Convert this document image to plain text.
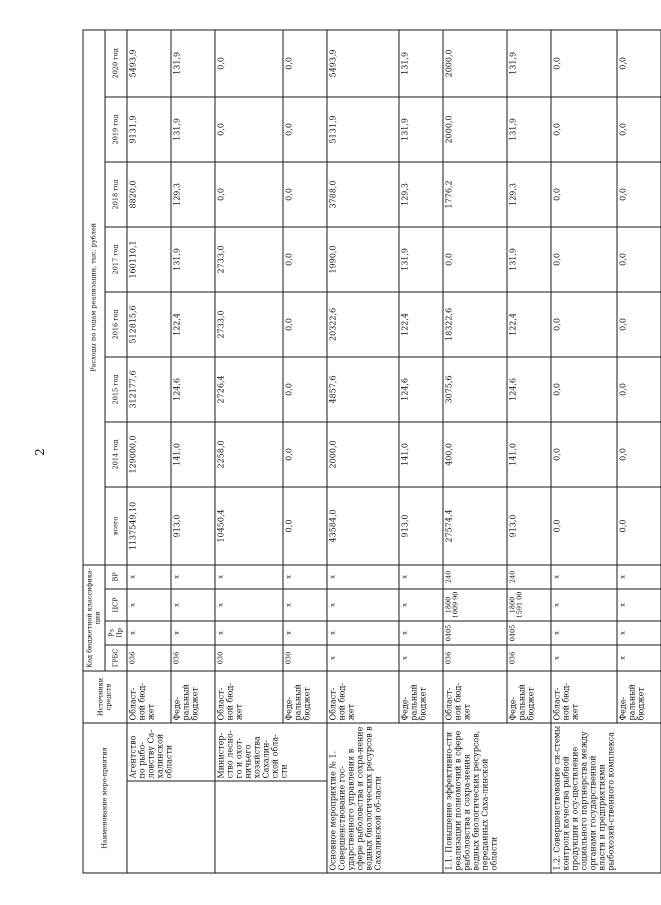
2
Наименование меро-приятия		Источники средств	Код бюджетной классифика-ции				Расходы по годам реализации, тыс. рублей							
			ГРБС	Рз Пр	ЦСР	ВР	всего	2014 год	2015 год	2016 год	2017 год	2018 год	2019 год	2020 год
	Агентство по рыбо-ловству Са-халинской области	Област-ной бюд-жет	036	x	x	x	1137549,10	129000,0	312177,6	512815,6	160110,1	8820,0	9131,9	5493,9
		Феде-ральный бюджет	036	x	x	x	913,0	141,0	124,6	122,4	131,9	129,3	131,9	131,9
	Министер-ство лесно-го и охот-ничьего хозяйства Сахалин-ской обла-сти	Област-ной бюд-жет	030	x	x	x	10450,4	2258,0	2726,4	2733,0	2733,0	0,0	0,0	0,0
		Феде-ральный бюджет	030	x	x	x	0,0	0,0	0,0	0,0	0,0	0,0	0,0	0,0
Основное мероприятие № 1. Совершенствование гос-ударственного управления в сфере рыболовства и сохра-нение водных биологических ресурсов в Сахалинской об-ласти		Област-ной бюд-жет	x	x	x	x	43584,0	2000,0	4857,6	20322,6	1990,0	3788,0	5131,9	5493,9
		Феде-ральный бюджет	x	x	x	x	913,0	141,0	124,6	122,4	131,9	129,3	131,9	131,9
1.1. Повышение эффективно-сти реализации полномочий в сфере рыболовства и сохра-нения водных биологических ресурсов, переданных Саха-линской области		Област-ной бюд-жет	036	0405	1800 1009 90	240	27574,4	400,0	3075,6	18322,6	0,0	1776,2	2000,0	2000,0
		Феде-ральный бюджет	036	0405	1800 1591 00	240	913,0	141,0	124,6	122,4	131,9	129,3	131,9	131,9
1.2. Совершенствование си-стемы контроля качества рыбной продукции и осу-ществление социального партнерства между органами государственной власти и предприятиями рыбохозяй-ственного комплекса		Област-ной бюд-жет	x	x	x	x	0,0	0,0	0,0	0,0	0,0	0,0	0,0	0,0
		Феде-ральный бюджет	x	x	x	x	0,0	0,0	0,0	0,0	0,0	0,0	0,0	0,0
